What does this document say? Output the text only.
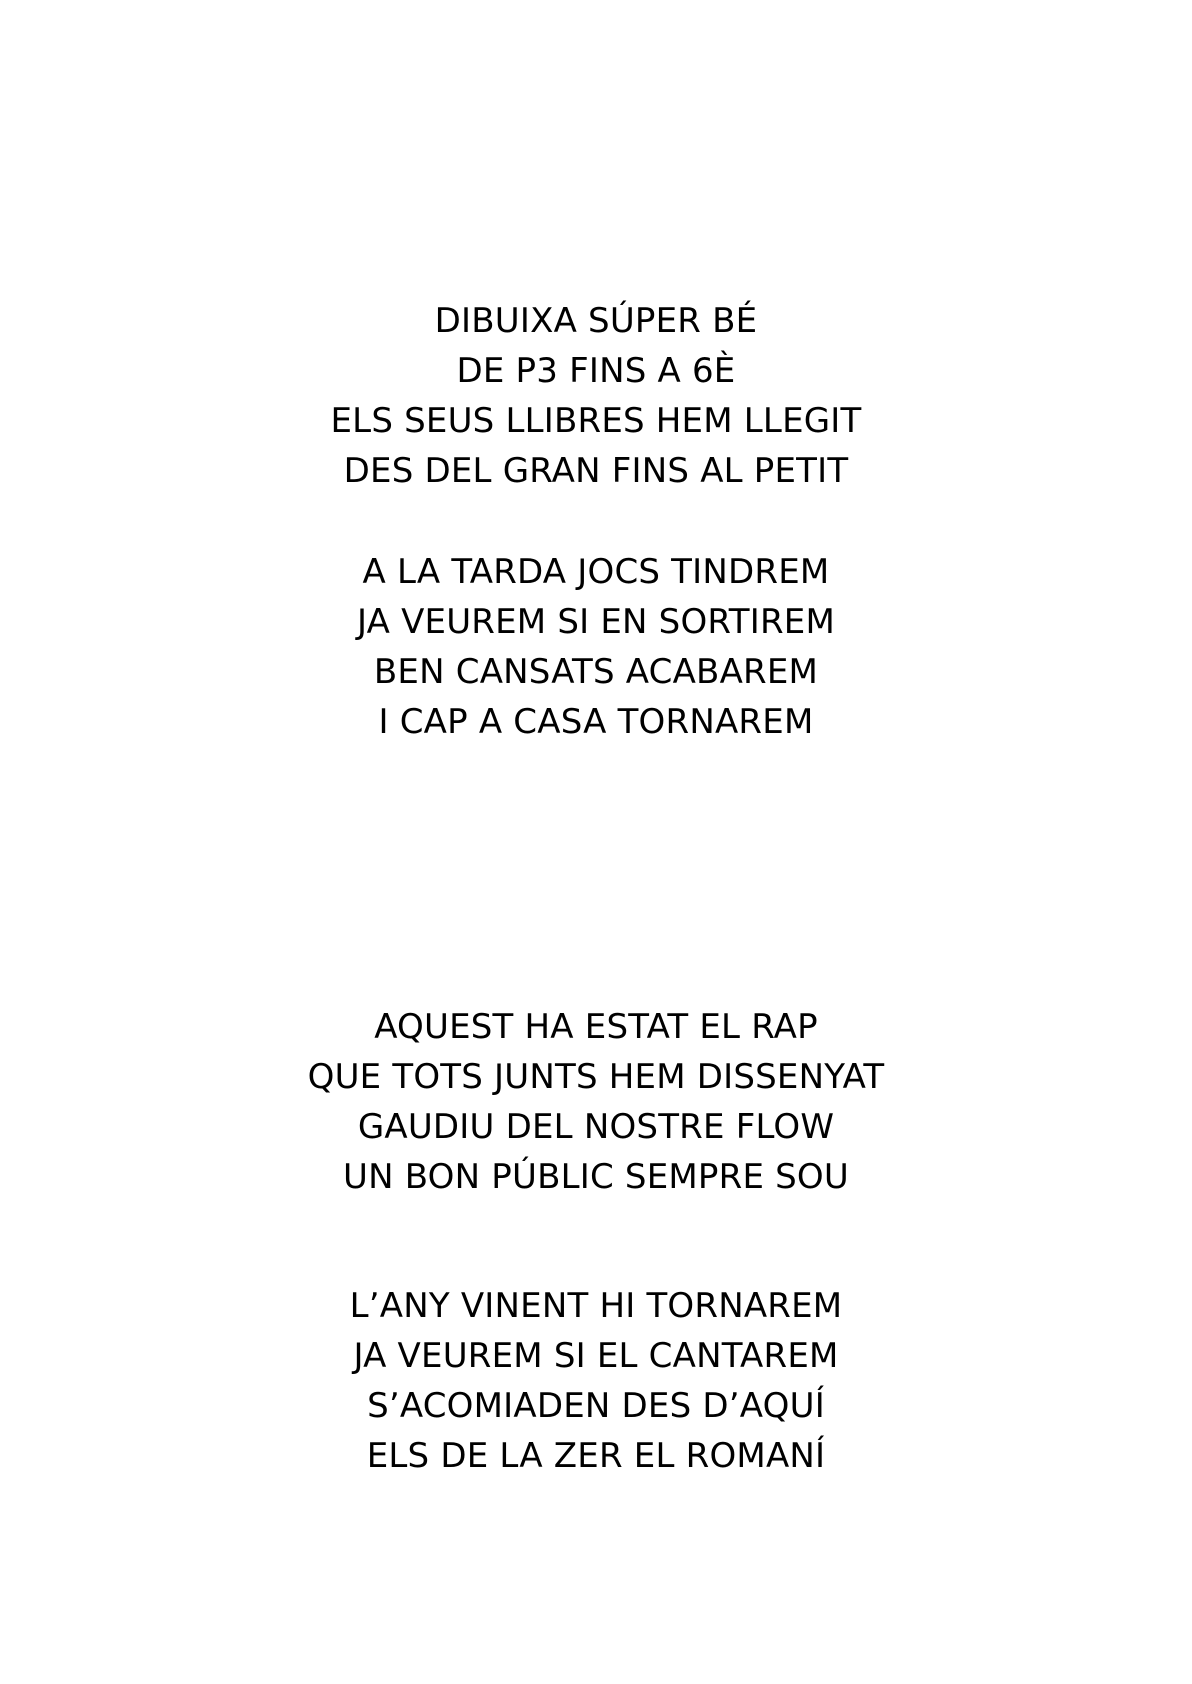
DIBUIXA SÚPER BÉ
DE P3 FINS A 6È
ELS SEUS LLIBRES HEM LLEGIT
DES DEL GRAN FINS AL PETIT
A LA TARDA JOCS TINDREM
JA VEUREM SI EN SORTIREM
BEN CANSATS ACABAREM
I CAP A CASA TORNAREM
AQUEST HA ESTAT EL RAP
QUE TOTS JUNTS HEM DISSENYAT
GAUDIU DEL NOSTRE FLOW
UN BON PÚBLIC SEMPRE SOU
L’ANY VINENT HI TORNAREM
JA VEUREM SI EL CANTAREM
S’ACOMIADEN DES D’AQUÍ
ELS DE LA ZER EL ROMANÍ
